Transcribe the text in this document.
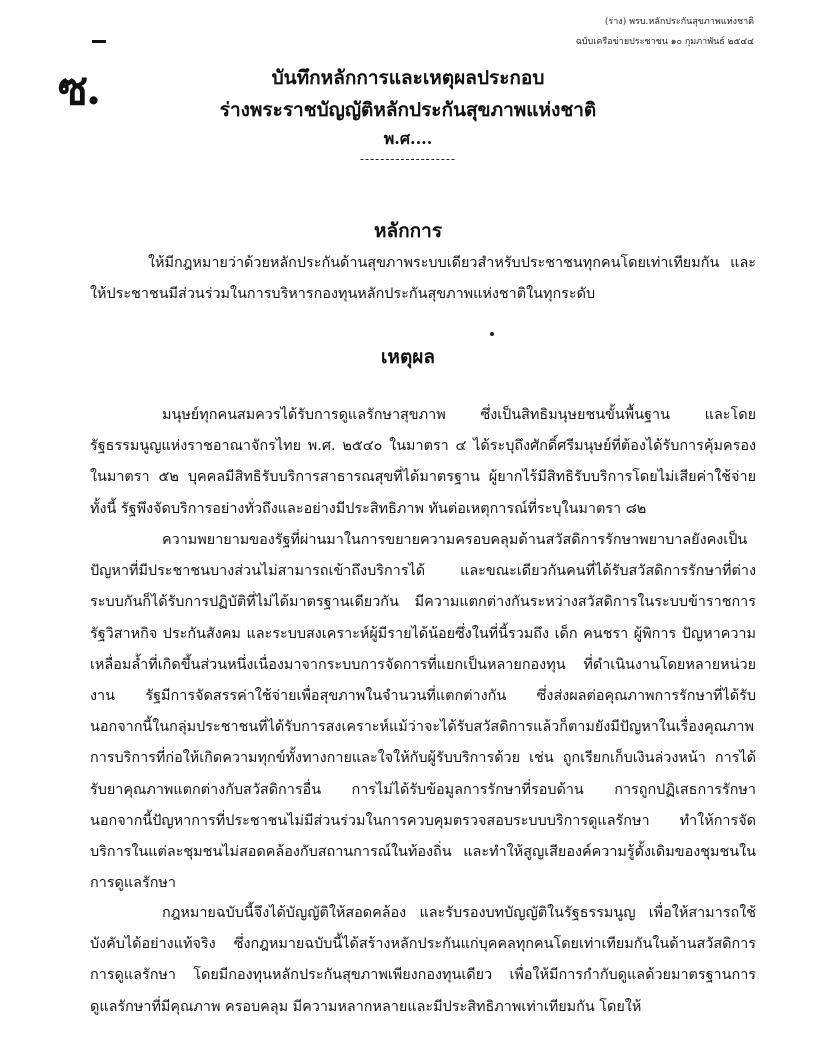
(ร่าง) พรบ.หลักประกันสุขภาพแห่งชาติ
ฉบับเครือข่ายประชาชน ๑๐ กุมภาพันธ์ ๒๕๔๔
ซ.	บันทึกหลักการและเหตุผลประกอบ
ร่างพระราชบัญญัติหลักประกันสุขภาพแห่งชาติ
พ.ศ....
-------------------
หลักการ
ให้มีกฎหมายว่าด้วยหลักประกันด้านสุขภาพระบบเดียวสำหรับประชาชนทุกคนโดยเท่าเทียมกัน และให้ประชาชนมีส่วนร่วมในการบริหารกองทุนหลักประกันสุขภาพแห่งชาติในทุกระดับ
เหตุผล
มนุษย์ทุกคนสมควรได้รับการดูแลรักษาสุขภาพ ซึ่งเป็นสิทธิมนุษยชนขั้นพื้นฐาน และโดยรัฐธรรมนูญแห่งราชอาณาจักรไทย พ.ศ. ๒๕๔๐ ในมาตรา ๔ ได้ระบุถึงศักดิ์ศรีมนุษย์ที่ต้องได้รับการคุ้มครอง ในมาตรา ๕๒ บุคคลมีสิทธิรับบริการสาธารณสุขที่ได้มาตรฐาน ผู้ยากไร้มีสิทธิรับบริการโดยไม่เสียค่าใช้จ่าย ทั้งนี้ รัฐพึงจัดบริการอย่างทั่วถึงและอย่างมีประสิทธิภาพ ทันต่อเหตุการณ์ที่ระบุในมาตรา ๘๒
ความพยายามของรัฐที่ผ่านมาในการขยายความครอบคลุมด้านสวัสดิการรักษาพยาบาลยังคงเป็นปัญหาที่มีประชาชนบางส่วนไม่สามารถเข้าถึงบริการได้ และขณะเดียวกันคนที่ได้รับสวัสดิการรักษาที่ต่างระบบกันก็ได้รับการปฏิบัติที่ไม่ได้มาตรฐานเดียวกัน มีความแตกต่างกันระหว่างสวัสดิการในระบบข้าราชการ รัฐวิสาหกิจ ประกันสังคม และระบบสงเคราะห์ผู้มีรายได้น้อยซึ่งในที่นี้รวมถึง เด็ก คนชรา ผู้พิการ ปัญหาความเหลื่อมล้ำที่เกิดขึ้นส่วนหนึ่งเนื่องมาจากระบบการจัดการที่แยกเป็นหลายกองทุน ที่ดำเนินงานโดยหลายหน่วยงาน รัฐมีการจัดสรรค่าใช้จ่ายเพื่อสุขภาพในจำนวนที่แตกต่างกัน ซึ่งส่งผลต่อคุณภาพการรักษาที่ได้รับ นอกจากนี้ในกลุ่มประชาชนที่ได้รับการสงเคราะห์แม้ว่าจะได้รับสวัสดิการแล้วก็ตามยังมีปัญหาในเรื่องคุณภาพการบริการที่ก่อให้เกิดความทุกข์ทั้งทางกายและใจให้กับผู้รับบริการด้วย เช่น ถูกเรียกเก็บเงินล่วงหน้า การได้รับยาคุณภาพแตกต่างกับสวัสดิการอื่น การไม่ได้รับข้อมูลการรักษาที่รอบด้าน การถูกปฏิเสธการรักษา นอกจากนี้ปัญหาการที่ประชาชนไม่มีส่วนร่วมในการควบคุมตรวจสอบระบบบริการดูแลรักษา ทำให้การจัดบริการในแต่ละชุมชนไม่สอดคล้องกับสถานการณ์ในท้องถิ่น และทำให้สูญเสียองค์ความรู้ดั้งเดิมของชุมชนในการดูแลรักษา
กฎหมายฉบับนี้จึงได้บัญญัติให้สอดคล้อง และรับรองบทบัญญัติในรัฐธรรมนูญ เพื่อให้สามารถใช้บังคับได้อย่างแท้จริง ซึ่งกฎหมายฉบับนี้ได้สร้างหลักประกันแก่บุคคลทุกคนโดยเท่าเทียมกันในด้านสวัสดิการการดูแลรักษา โดยมีกองทุนหลักประกันสุขภาพเพียงกองทุนเดียว เพื่อให้มีการกำกับดูแลด้วยมาตรฐานการดูแลรักษาที่มีคุณภาพ ครอบคลุม มีความหลากหลายและมีประสิทธิภาพเท่าเทียมกัน โดยให้
